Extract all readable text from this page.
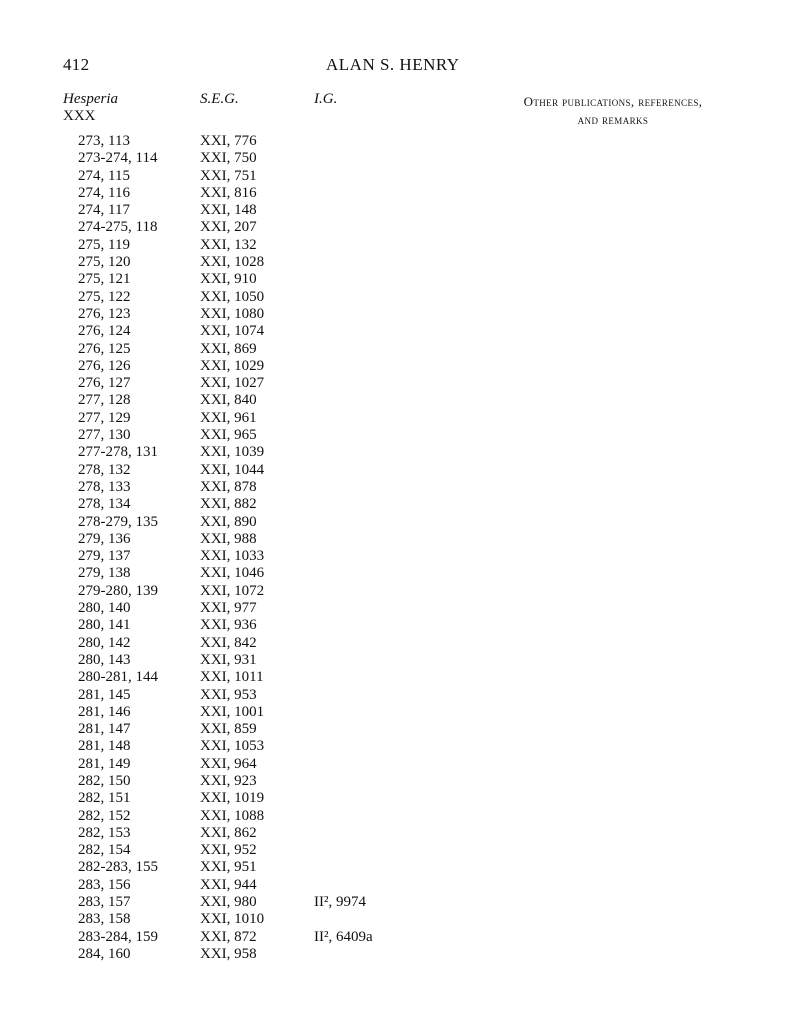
412	ALAN S. HENRY
Hesperia
XXX
S.E.G.	I.G.	Other publications, references,
and remarks
273, 113	XXI, 776
273-274, 114	XXI, 750
274, 115	XXI, 751
274, 116	XXI, 816
274, 117	XXI, 148
274-275, 118	XXI, 207
275, 119	XXI, 132
275, 120	XXI, 1028
275, 121	XXI, 910
275, 122	XXI, 1050
276, 123	XXI, 1080
276, 124	XXI, 1074
276, 125	XXI, 869
276, 126	XXI, 1029
276, 127	XXI, 1027
277, 128	XXI, 840
277, 129	XXI, 961
277, 130	XXI, 965
277-278, 131	XXI, 1039
278, 132	XXI, 1044
278, 133	XXI, 878
278, 134	XXI, 882
278-279, 135	XXI, 890
279, 136	XXI, 988
279, 137	XXI, 1033
279, 138	XXI, 1046
279-280, 139	XXI, 1072
280, 140	XXI, 977
280, 141	XXI, 936
280, 142	XXI, 842
280, 143	XXI, 931
280-281, 144	XXI, 1011
281, 145	XXI, 953
281, 146	XXI, 1001
281, 147	XXI, 859
281, 148	XXI, 1053
281, 149	XXI, 964
282, 150	XXI, 923
282, 151	XXI, 1019
282, 152	XXI, 1088
282, 153	XXI, 862
282, 154	XXI, 952
282-283, 155	XXI, 951
283, 156	XXI, 944
283, 157	XXI, 980	II², 9974
283, 158	XXI, 1010
283-284, 159	XXI, 872	II², 6409a
284, 160	XXI, 958
